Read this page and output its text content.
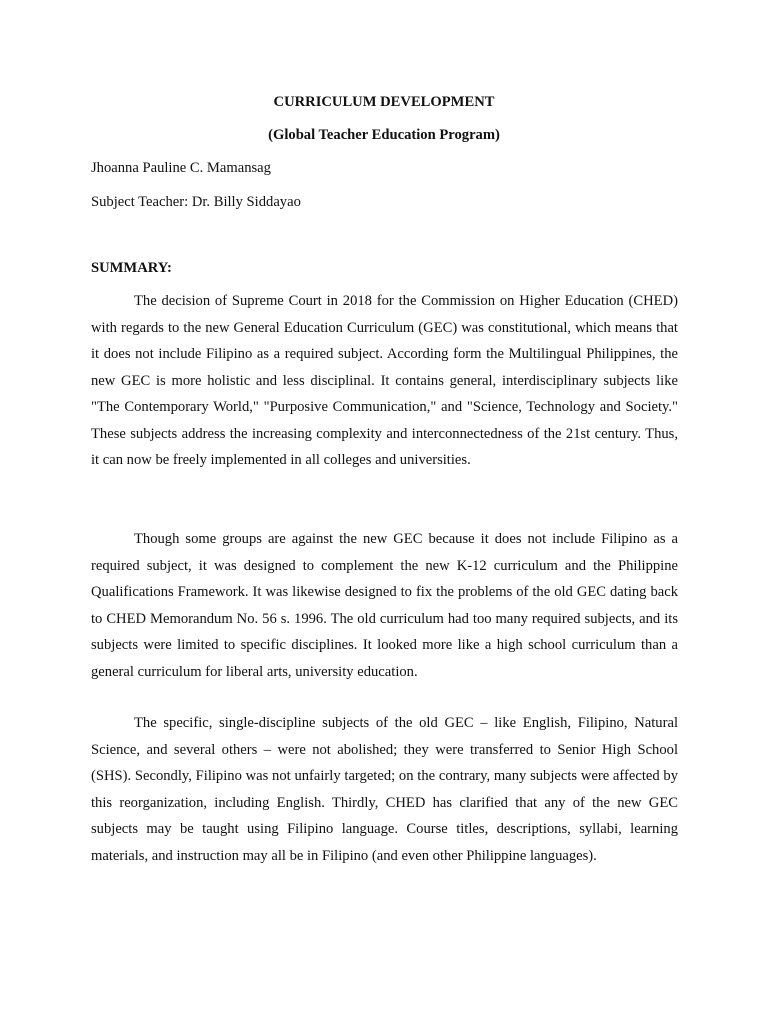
CURRICULUM DEVELOPMENT

(Global Teacher Education Program)

Jhoanna Pauline C. Mamansag

Subject Teacher: Dr. Billy Siddayao

SUMMARY:

The decision of Supreme Court in 2018 for the Commission on Higher Education (CHED) with regards to the new General Education Curriculum (GEC) was constitutional, which means that it does not include Filipino as a required subject. According form the Multilingual Philippines, the new GEC is more holistic and less disciplinal. It contains general, interdisciplinary subjects like "The Contemporary World," "Purposive Communication," and "Science, Technology and Society." These subjects address the increasing complexity and interconnectedness of the 21st century. Thus, it can now be freely implemented in all colleges and universities.

Though some groups are against the new GEC because it does not include Filipino as a required subject, it was designed to complement the new K-12 curriculum and the Philippine Qualifications Framework. It was likewise designed to fix the problems of the old GEC dating back to CHED Memorandum No. 56 s. 1996. The old curriculum had too many required subjects, and its subjects were limited to specific disciplines. It looked more like a high school curriculum than a general curriculum for liberal arts, university education.

The specific, single-discipline subjects of the old GEC – like English, Filipino, Natural Science, and several others – were not abolished; they were transferred to Senior High School (SHS). Secondly, Filipino was not unfairly targeted; on the contrary, many subjects were affected by this reorganization, including English. Thirdly, CHED has clarified that any of the new GEC subjects may be taught using Filipino language. Course titles, descriptions, syllabi, learning materials, and instruction may all be in Filipino (and even other Philippine languages).
